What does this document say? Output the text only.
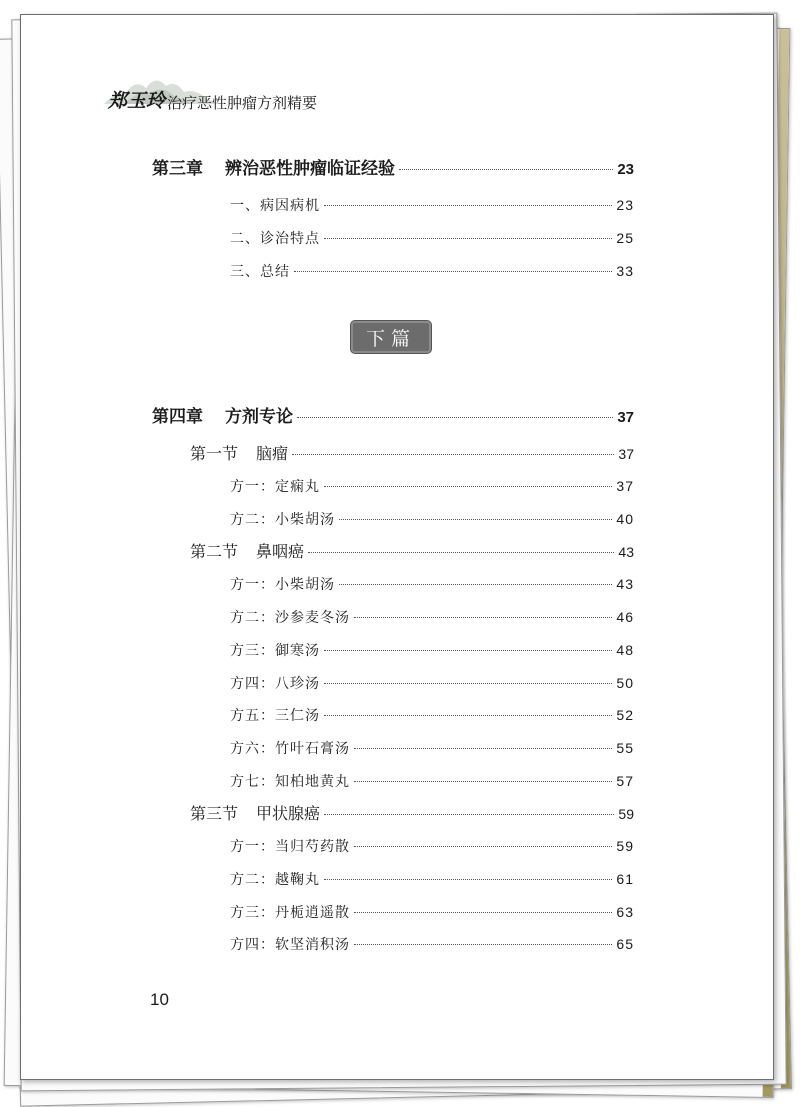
郑玉玲 治疗恶性肿瘤方剂精要
第三章 辨治恶性肿瘤临证经验	23
一、病因病机	23
二、诊治特点	25
三、总结	33
下篇
第四章 方剂专论	37
第一节 脑瘤	37
方一：定痫丸	37
方二：小柴胡汤	40
第二节 鼻咽癌	43
方一：小柴胡汤	43
方二：沙参麦冬汤	46
方三：御寒汤	48
方四：八珍汤	50
方五：三仁汤	52
方六：竹叶石膏汤	55
方七：知柏地黄丸	57
第三节 甲状腺癌	59
方一：当归芍药散	59
方二：越鞠丸	61
方三：丹栀逍遥散	63
方四：软坚消积汤	65
10
